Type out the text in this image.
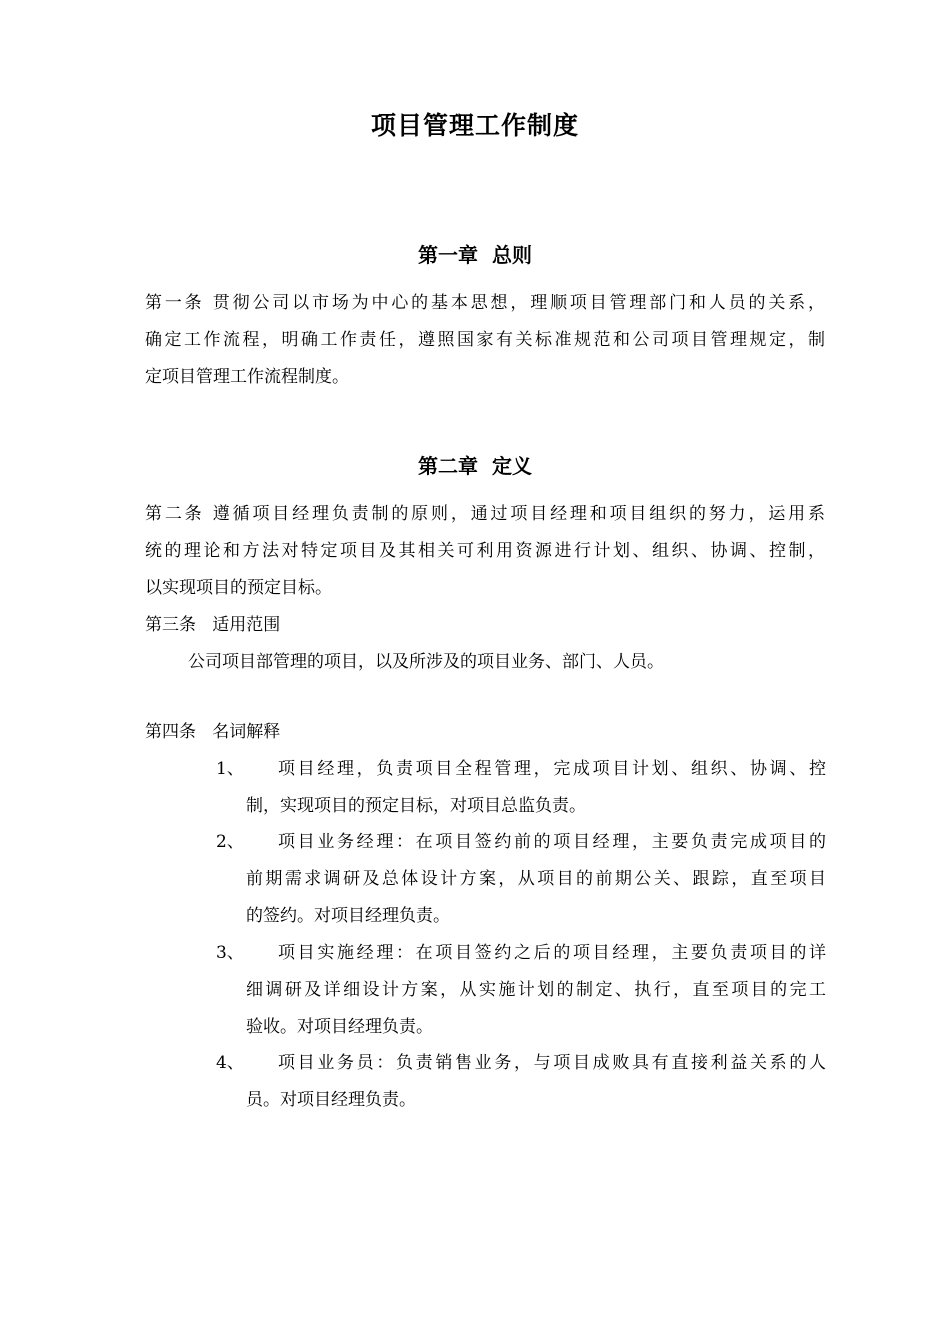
项目管理工作制度
第一章  总则
第一条 贯彻公司以市场为中心的基本思想，理顺项目管理部门和人员的关系，
确定工作流程，明确工作责任，遵照国家有关标准规范和公司项目管理规定，制
定项目管理工作流程制度。
第二章  定义
第二条 遵循项目经理负责制的原则，通过项目经理和项目组织的努力，运用系
统的理论和方法对特定项目及其相关可利用资源进行计划、组织、协调、控制，
以实现项目的预定目标。
第三条   适用范围
公司项目部管理的项目，以及所涉及的项目业务、部门、人员。
第四条   名词解释
1、	项目经理，负责项目全程管理，完成项目计划、组织、协调、控
制，实现项目的预定目标，对项目总监负责。
2、	项目业务经理：在项目签约前的项目经理，主要负责完成项目的
前期需求调研及总体设计方案，从项目的前期公关、跟踪，直至项目
的签约。对项目经理负责。
3、	项目实施经理：在项目签约之后的项目经理，主要负责项目的详
细调研及详细设计方案，从实施计划的制定、执行，直至项目的完工
验收。对项目经理负责。
4、	项目业务员：负责销售业务，与项目成败具有直接利益关系的人
员。对项目经理负责。
